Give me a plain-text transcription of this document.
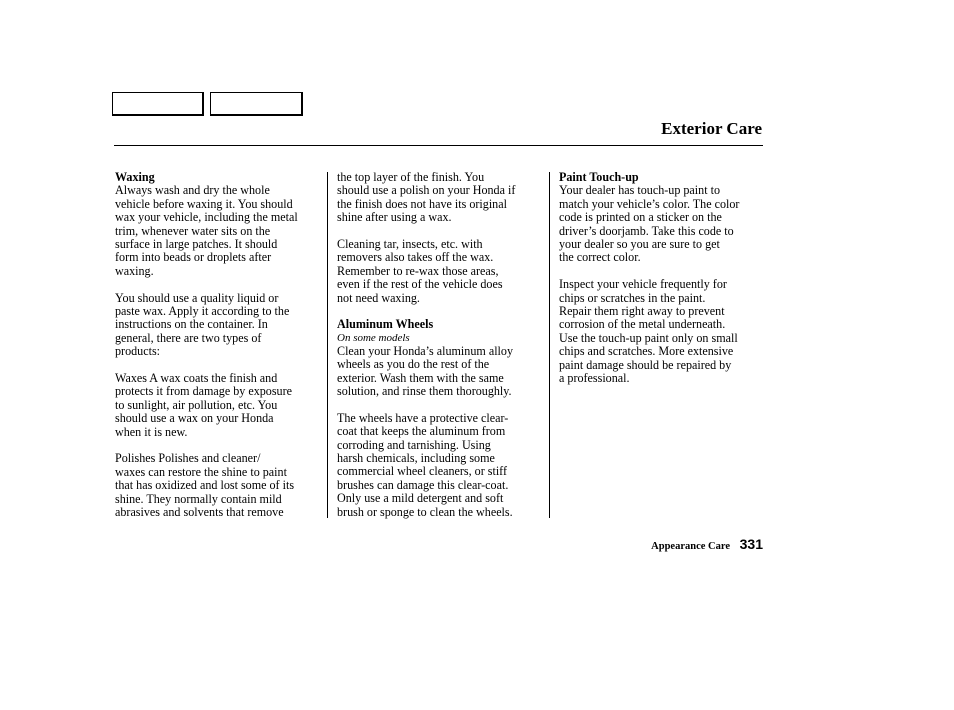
Exterior Care

Waxing

Always wash and dry the whole
vehicle before waxing it. You should
wax your vehicle, including the metal
trim, whenever water sits on the
surface in large patches. It should
form into beads or droplets after
waxing.

You should use a quality liquid or
paste wax. Apply it according to the
instructions on the container. In
general, there are two types of
products:

Waxes A wax coats the finish and
protects it from damage by exposure
to sunlight, air pollution, etc. You
should use a wax on your Honda
when it is new.

Polishes Polishes and cleaner/
waxes can restore the shine to paint
that has oxidized and lost some of its
shine. They normally contain mild
abrasives and solvents that remove

the top layer of the finish. You
should use a polish on your Honda if
the finish does not have its original
shine after using a wax.

Cleaning tar, insects, etc. with
removers also takes off the wax.
Remember to re-wax those areas,
even if the rest of the vehicle does
not need waxing.

Aluminum Wheels

On some models

Clean your Honda’s aluminum alloy
wheels as you do the rest of the
exterior. Wash them with the same
solution, and rinse them thoroughly.

The wheels have a protective clear-
coat that keeps the aluminum from
corroding and tarnishing. Using
harsh chemicals, including some
commercial wheel cleaners, or stiff
brushes can damage this clear-coat.
Only use a mild detergent and soft
brush or sponge to clean the wheels.

Paint Touch-up

Your dealer has touch-up paint to
match your vehicle’s color. The color
code is printed on a sticker on the
driver’s doorjamb. Take this code to
your dealer so you are sure to get
the correct color.

Inspect your vehicle frequently for
chips or scratches in the paint.
Repair them right away to prevent
corrosion of the metal underneath.
Use the touch-up paint only on small
chips and scratches. More extensive
paint damage should be repaired by
a professional.

Appearance Care 331
